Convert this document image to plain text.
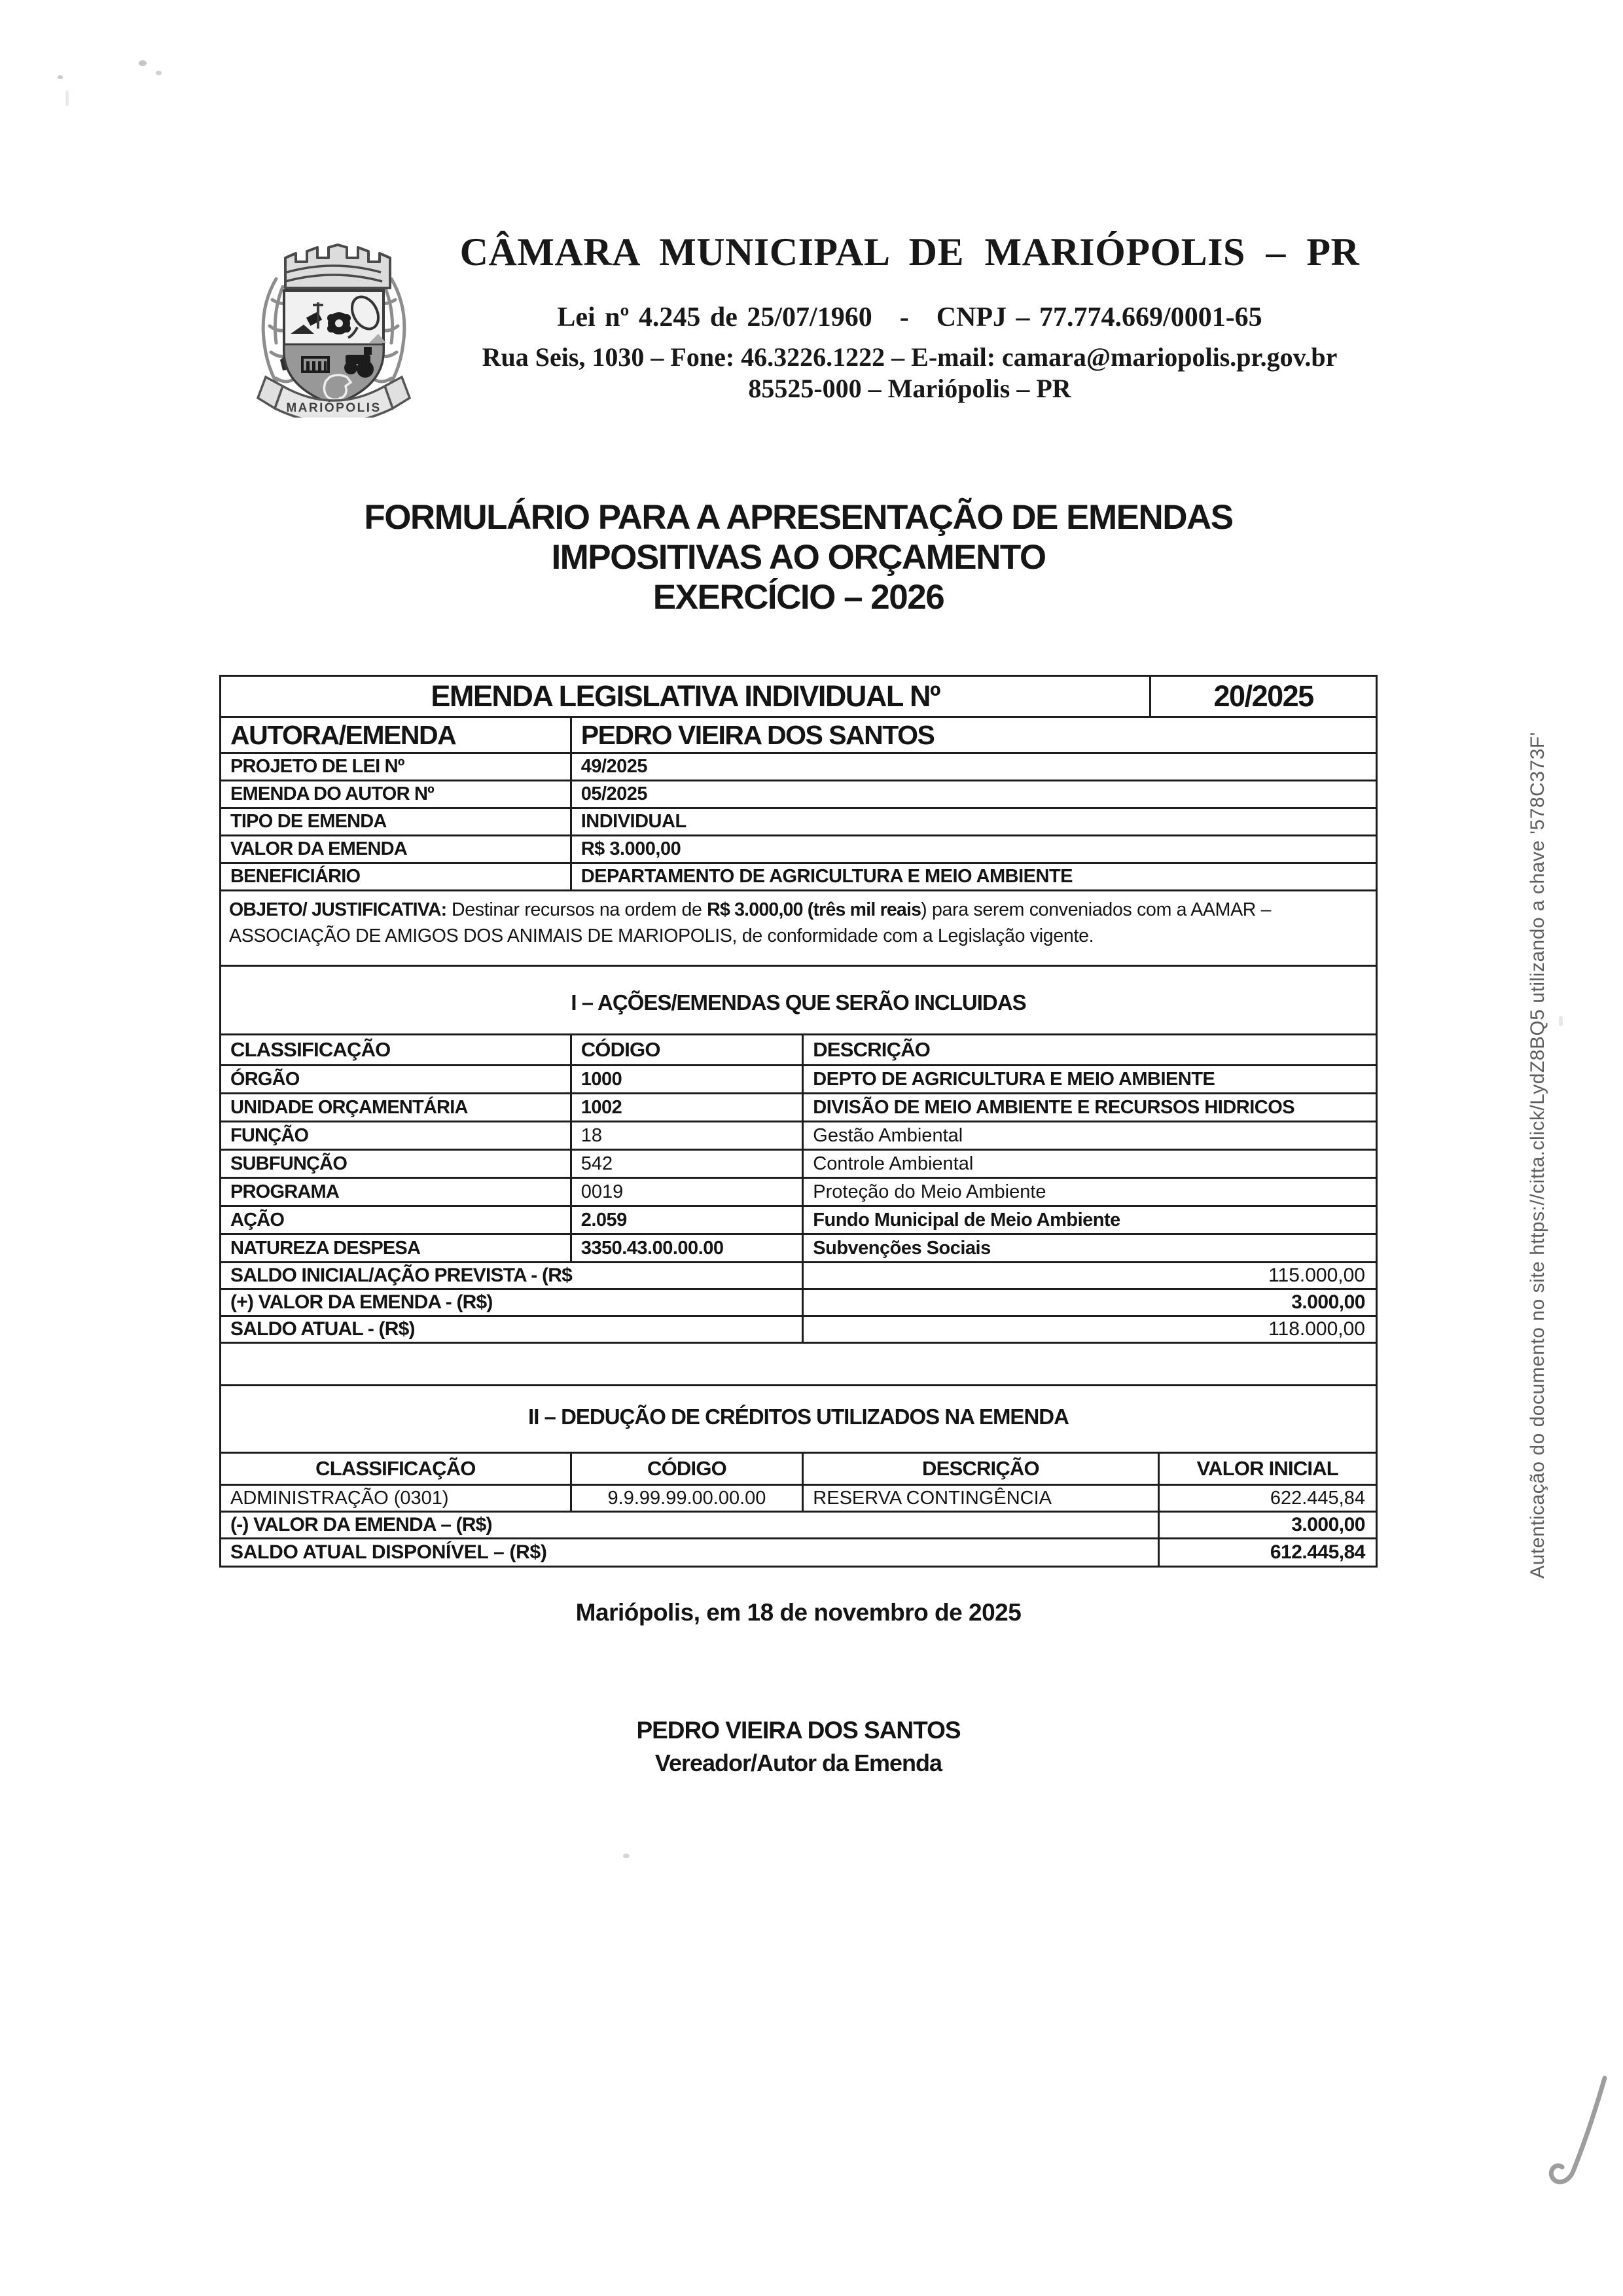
MARIÓPOLIS
CÂMARA MUNICIPAL DE MARIÓPOLIS – PR
Lei nº 4.245 de 25/07/1960 - CNPJ – 77.774.669/0001-65
Rua Seis, 1030 – Fone: 46.3226.1222 – E-mail: camara@mariopolis.pr.gov.br
85525-000 – Mariópolis – PR
FORMULÁRIO PARA A APRESENTAÇÃO DE EMENDAS
IMPOSITIVAS AO ORÇAMENTO
EXERCÍCIO – 2026
EMENDA LEGISLATIVA INDIVIDUAL Nº	20/2025
AUTORA/EMENDA	PEDRO VIEIRA DOS SANTOS
PROJETO DE LEI Nº	49/2025
EMENDA DO AUTOR Nº	05/2025
TIPO DE EMENDA	INDIVIDUAL
VALOR DA EMENDA	R$ 3.000,00
BENEFICIÁRIO	DEPARTAMENTO DE AGRICULTURA E MEIO AMBIENTE

OBJETO/ JUSTIFICATIVA: Destinar recursos na ordem de R$ 3.000,00 (três mil reais) para serem conveniados com a AAMAR – ASSOCIAÇÃO DE AMIGOS DOS ANIMAIS DE MARIOPOLIS, de conformidade com a Legislação vigente.

I – AÇÕES/EMENDAS QUE SERÃO INCLUIDAS
CLASSIFICAÇÃO	CÓDIGO	DESCRIÇÃO
ÓRGÃO	1000	DEPTO DE AGRICULTURA E MEIO AMBIENTE
UNIDADE ORÇAMENTÁRIA	1002	DIVISÃO DE MEIO AMBIENTE E RECURSOS HIDRICOS
FUNÇÃO	18	Gestão Ambiental
SUBFUNÇÃO	542	Controle Ambiental
PROGRAMA	0019	Proteção do Meio Ambiente
AÇÃO	2.059	Fundo Municipal de Meio Ambiente
NATUREZA DESPESA	3350.43.00.00.00	Subvenções Sociais
SALDO INICIAL/AÇÃO PREVISTA - (R$	115.000,00
(+) VALOR DA EMENDA - (R$)	3.000,00
SALDO ATUAL - (R$)	118.000,00
II – DEDUÇÃO DE CRÉDITOS UTILIZADOS NA EMENDA
CLASSIFICAÇÃO	CÓDIGO	DESCRIÇÃO	VALOR INICIAL
ADMINISTRAÇÃO (0301)	9.9.99.99.00.00.00	RESERVA CONTINGÊNCIA	622.445,84
(-) VALOR DA EMENDA – (R$)	3.000,00
SALDO ATUAL DISPONÍVEL – (R$)	612.445,84
Mariópolis, em 18 de novembro de 2025
PEDRO VIEIRA DOS SANTOS
Vereador/Autor da Emenda
Autenticação do documento no site https://citta.click/LydZ8BQ5 utilizando a chave '578C373F'
